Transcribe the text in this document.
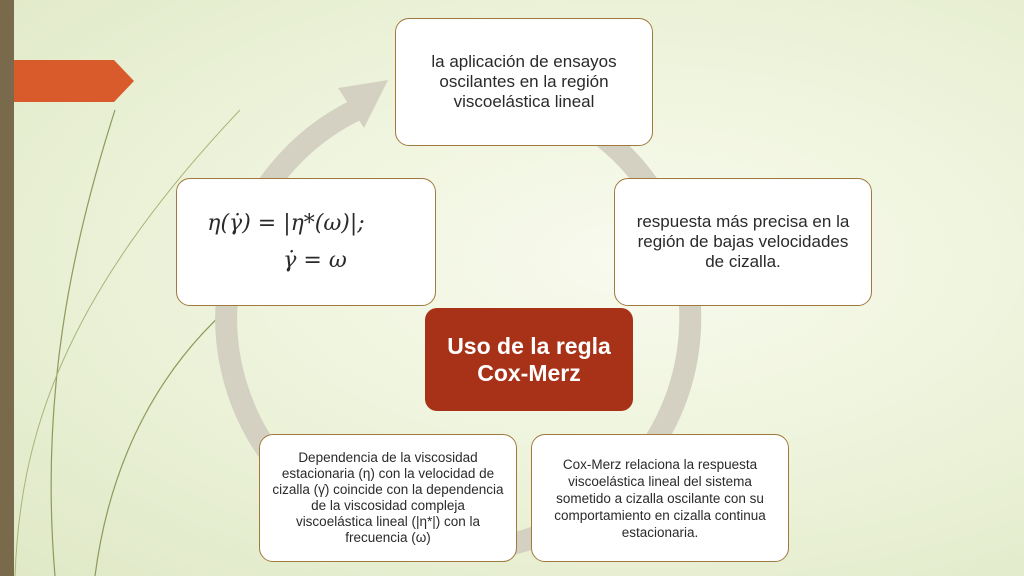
la aplicación de ensayos oscilantes en la región viscoelástica lineal
respuesta más precisa en la región de bajas velocidades de cizalla.
Cox-Merz relaciona la respuesta viscoelástica lineal del sistema sometido a cizalla oscilante con su comportamiento en cizalla continua estacionaria.
Dependencia de la viscosidad estacionaria (η) con la velocidad de cizalla (γ̇) coincide con la dependencia de la viscosidad compleja viscoelástica lineal (|η*|) con la frecuencia (ω)
η(γ̇) = |η*(ω)|;
γ̇ = ω
Uso de la regla Cox-Merz
